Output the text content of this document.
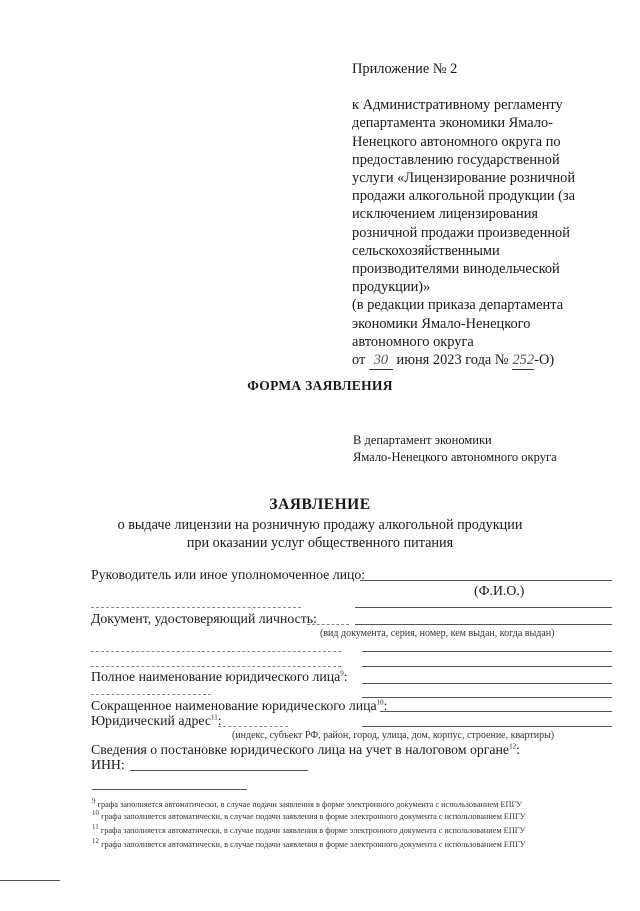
Приложение № 2

к Административному регламенту

департамента экономики Ямало-

Ненецкого автономного округа по

предоставлению государственной

услуги «Лицензирование розничной

продажи алкогольной продукции (за

исключением лицензирования

розничной продажи произведенной

сельскохозяйственными

производителями винодельческой

продукции)»

(в редакции приказа департамента

экономики Ямало-Ненецкого

автономного округа

от 30 июня 2023 года № 252-О)

ФОРМА ЗАЯВЛЕНИЯ
В департамент экономики
Ямало-Ненецкого автономного округа
ЗАЯВЛЕНИЕ
о выдаче лицензии на розничную продажу алкогольной продукции
при оказании услуг общественного питания
Руководитель или иное уполномоченное лицо:
(Ф.И.О.)
Документ, удостоверяющий личность:
(вид документа, серия, номер, кем выдан, когда выдан)
Полное наименование юридического лица$^9$:
Сокращенное наименование юридического лица$^{10}$:
Юридический адрес$^{11}$:
(индекс, субъект РФ, район, город, улица, дом, корпус, строение, квартиры)
Сведения о постановке юридического лица на учет в налоговом органе$^{12}$:
ИНН:
$^9$ графа заполняется автоматически, в случае подачи заявления в форме электронного документа с использованием ЕПГУ
$^{10}$ графа заполняется автоматически, в случае подачи заявления в форме электронного документа с использованием ЕПГУ
$^{11}$ графа заполняется автоматически, в случае подачи заявления в форме электронного документа с использованием ЕПГУ
$^{12}$ графа заполняется автоматически, в случае подачи заявления в форме электронного документа с использованием ЕПГУ
